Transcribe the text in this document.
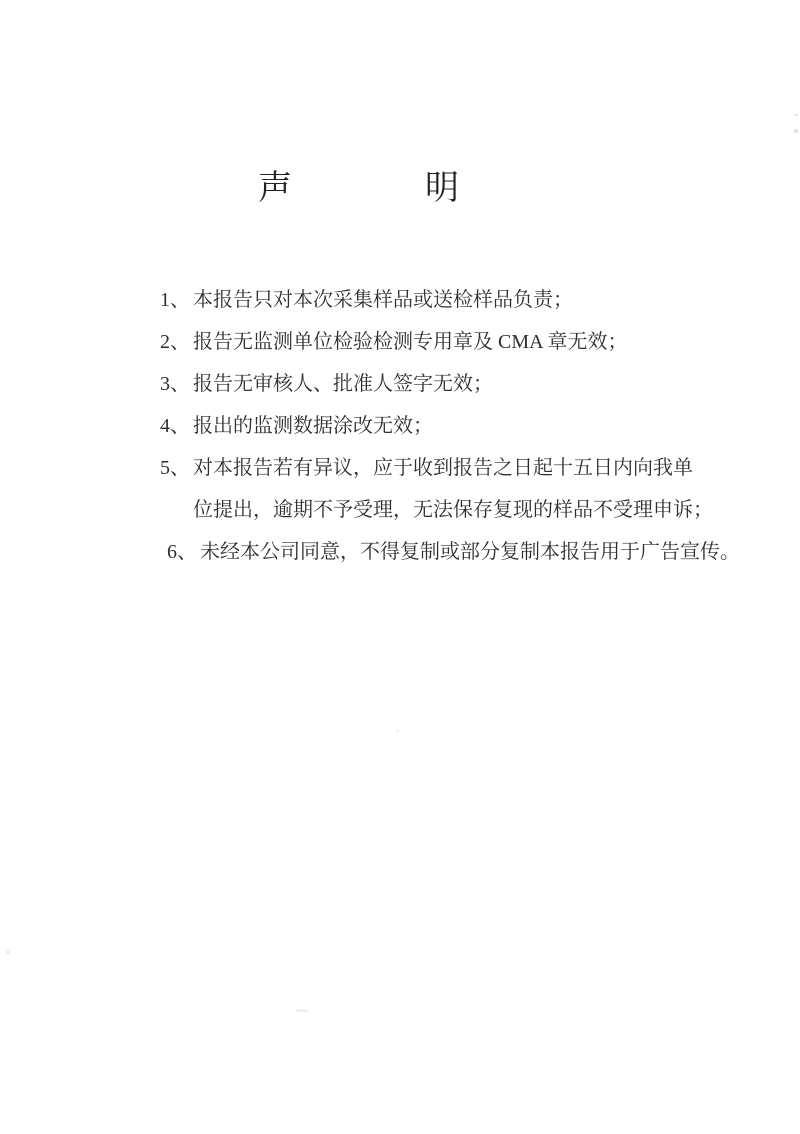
声明
1、 本报告只对本次采集样品或送检样品负责；
2、 报告无监测单位检验检测专用章及 CMA 章无效；
3、 报告无审核人、批准人签字无效；
4、 报出的监测数据涂改无效；
5、 对本报告若有异议，应于收到报告之日起十五日内向我单
位提出，逾期不予受理，无法保存复现的样品不受理申诉；
6、 未经本公司同意，不得复制或部分复制本报告用于广告宣传。
